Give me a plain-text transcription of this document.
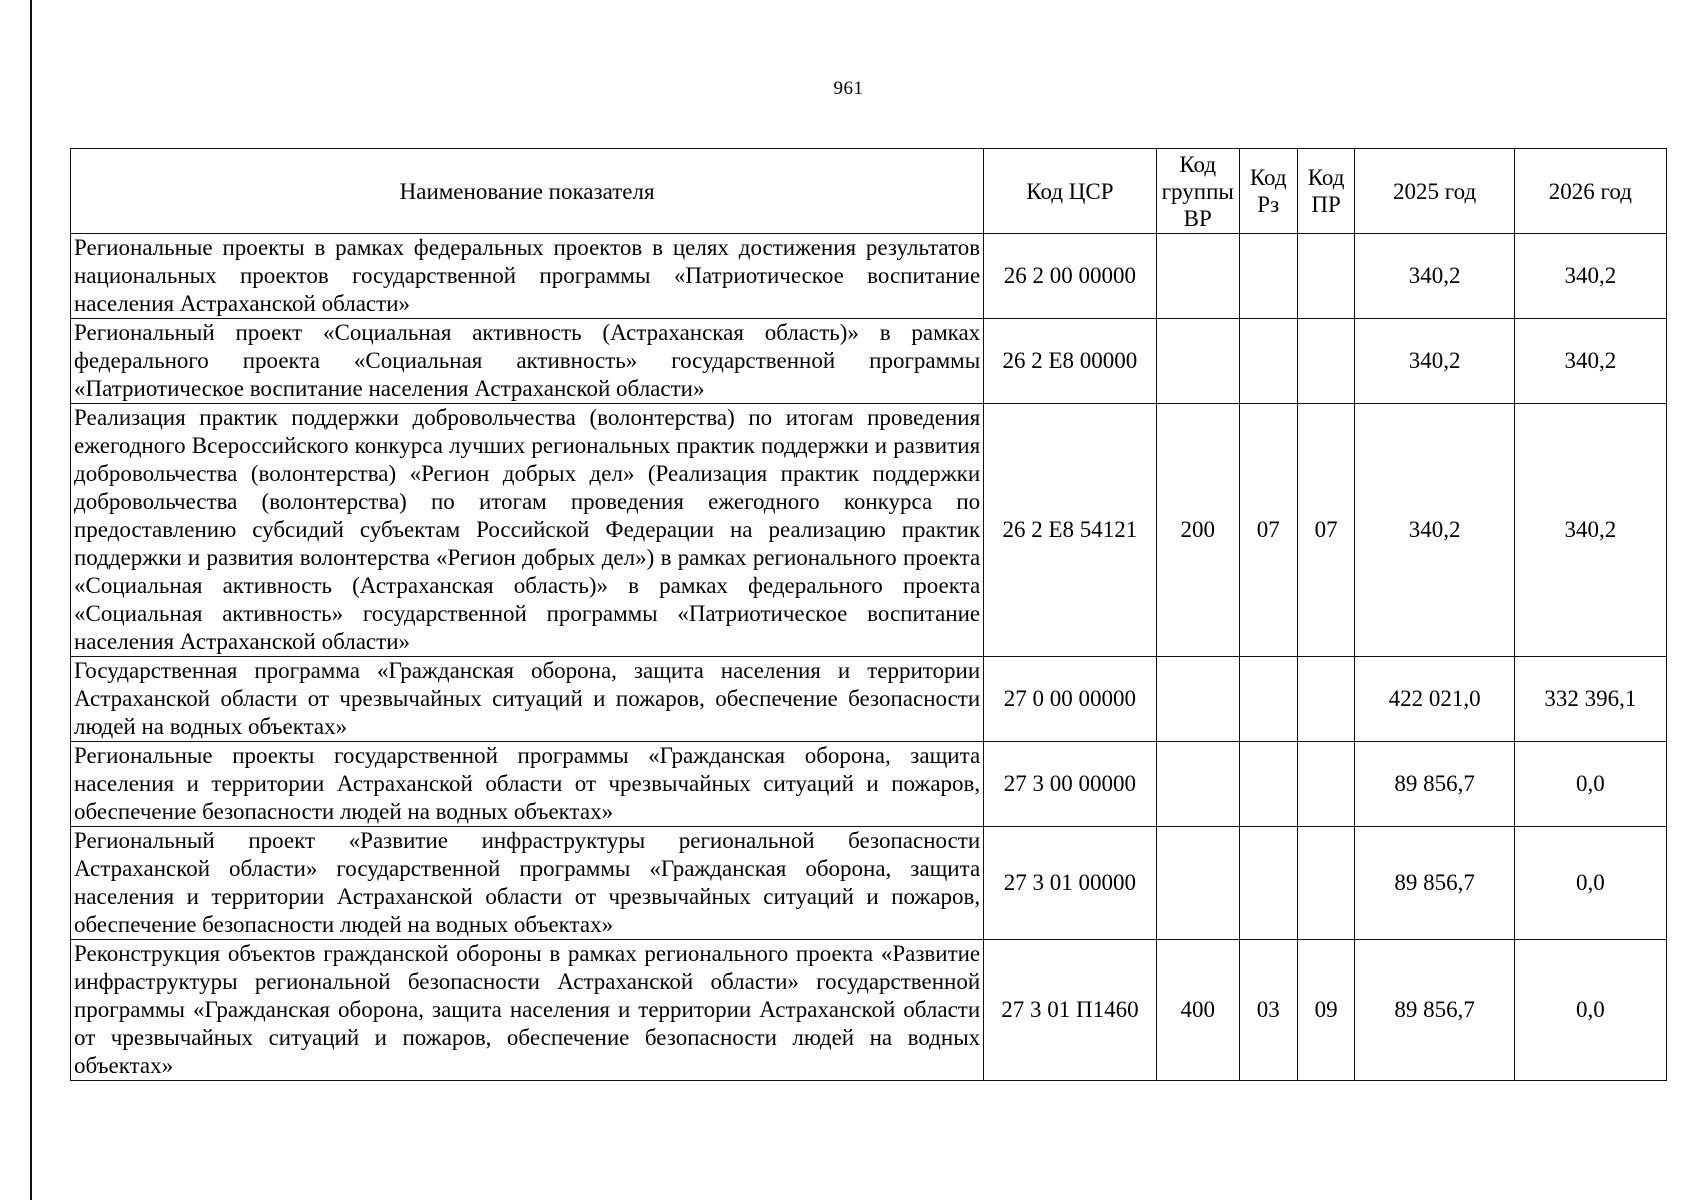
961
Наименование показателя	Код ЦСР	Код группы ВР	Код Рз	Код ПР	2025 год	2026 год
Региональные проекты в рамках федеральных проектов в целях достижения результатов национальных проектов государственной программы «Патриотическое воспитание населения Астраханской области»	26 2 00 00000				340,2	340,2
Региональный проект «Социальная активность (Астраханская область)» в рамках федерального проекта «Социальная активность» государственной программы «Патриотическое воспитание населения Астраханской области»	26 2 Е8 00000				340,2	340,2
Реализация практик поддержки добровольчества (волонтерства) по итогам проведения ежегодного Всероссийского конкурса лучших региональных практик поддержки и развития добровольчества (волонтерства) «Регион добрых дел» (Реализация практик поддержки добровольчества (волонтерства) по итогам проведения ежегодного конкурса по предоставлению субсидий субъектам Российской Федерации на реализацию практик поддержки и развития волонтерства «Регион добрых дел») в рамках регионального проекта «Социальная активность (Астраханская область)» в рамках федерального проекта «Социальная активность» государственной программы «Патриотическое воспитание населения Астраханской области»	26 2 Е8 54121	200	07	07	340,2	340,2
Государственная программа «Гражданская оборона, защита населения и территории Астраханской области от чрезвычайных ситуаций и пожаров, обеспечение безопасности людей на водных объектах»	27 0 00 00000				422 021,0	332 396,1
Региональные проекты государственной программы «Гражданская оборона, защита населения и территории Астраханской области от чрезвычайных ситуаций и пожаров, обеспечение безопасности людей на водных объектах»	27 3 00 00000				89 856,7	0,0
Региональный проект «Развитие инфраструктуры региональной безопасности Астраханской области» государственной программы «Гражданская оборона, защита населения и территории Астраханской области от чрезвычайных ситуаций и пожаров, обеспечение безопасности людей на водных объектах»	27 3 01 00000				89 856,7	0,0
Реконструкция объектов гражданской обороны в рамках регионального проекта «Развитие инфраструктуры региональной безопасности Астраханской области» государственной программы «Гражданская оборона, защита населения и территории Астраханской области от чрезвычайных ситуаций и пожаров, обеспечение безопасности людей на водных объектах»	27 3 01 П1460	400	03	09	89 856,7	0,0
